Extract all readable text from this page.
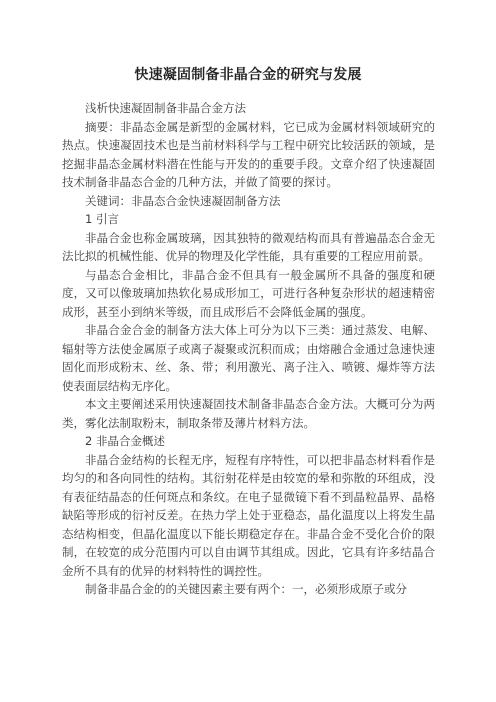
快速凝固制备非晶合金的研究与发展

浅析快速凝固制备非晶合金方法

摘要：非晶态金属是新型的金属材料，它已成为金属材料领域研究的热点。快速凝固技术也是当前材料科学与工程中研究比较活跃的领域，是挖掘非晶态金属材料潜在性能与开发的的重要手段。文章介绍了快速凝固技术制备非晶态合金的几种方法，并做了简要的探讨。

关键词：非晶态合金快速凝固制备方法

1 引言

非晶合金也称金属玻璃，因其独特的微观结构而具有普遍晶态合金无法比拟的机械性能、优异的物理及化学性能，具有重要的工程应用前景。

与晶态合金相比，非晶合金不但具有一般金属所不具备的强度和硬度，又可以像玻璃加热软化易成形加工，可进行各种复杂形状的超速精密成形，甚至小到纳米等级，而且成形后不会降低金属的强度。

非晶合金合金的制备方法大体上可分为以下三类：通过蒸发、电解、辐射等方法使金属原子或离子凝聚或沉积而成；由熔融合金通过急速快速固化而形成粉末、丝、条、带；利用激光、离子注入、喷镀、爆炸等方法使表面层结构无序化。

本文主要阐述采用快速凝固技术制备非晶态合金方法。大概可分为两类，雾化法制取粉末，制取条带及薄片材料方法。

2 非晶合金概述

非晶合金结构的长程无序，短程有序特性，可以把非晶态材料看作是均匀的和各向同性的结构。其衍射花样是由较宽的晕和弥散的环组成，没有表征结晶态的任何斑点和条纹。在电子显微镜下看不到晶粒晶界、晶格缺陷等形成的衍衬反差。在热力学上处于亚稳态，晶化温度以上将发生晶态结构相变，但晶化温度以下能长期稳定存在。非晶合金不受化合价的限制，在较宽的成分范围内可以自由调节其组成。因此，它具有许多结晶合金所不具有的优异的材料特性的调控性。

制备非晶合金的的关键因素主要有两个：一，必须形成原子或分
